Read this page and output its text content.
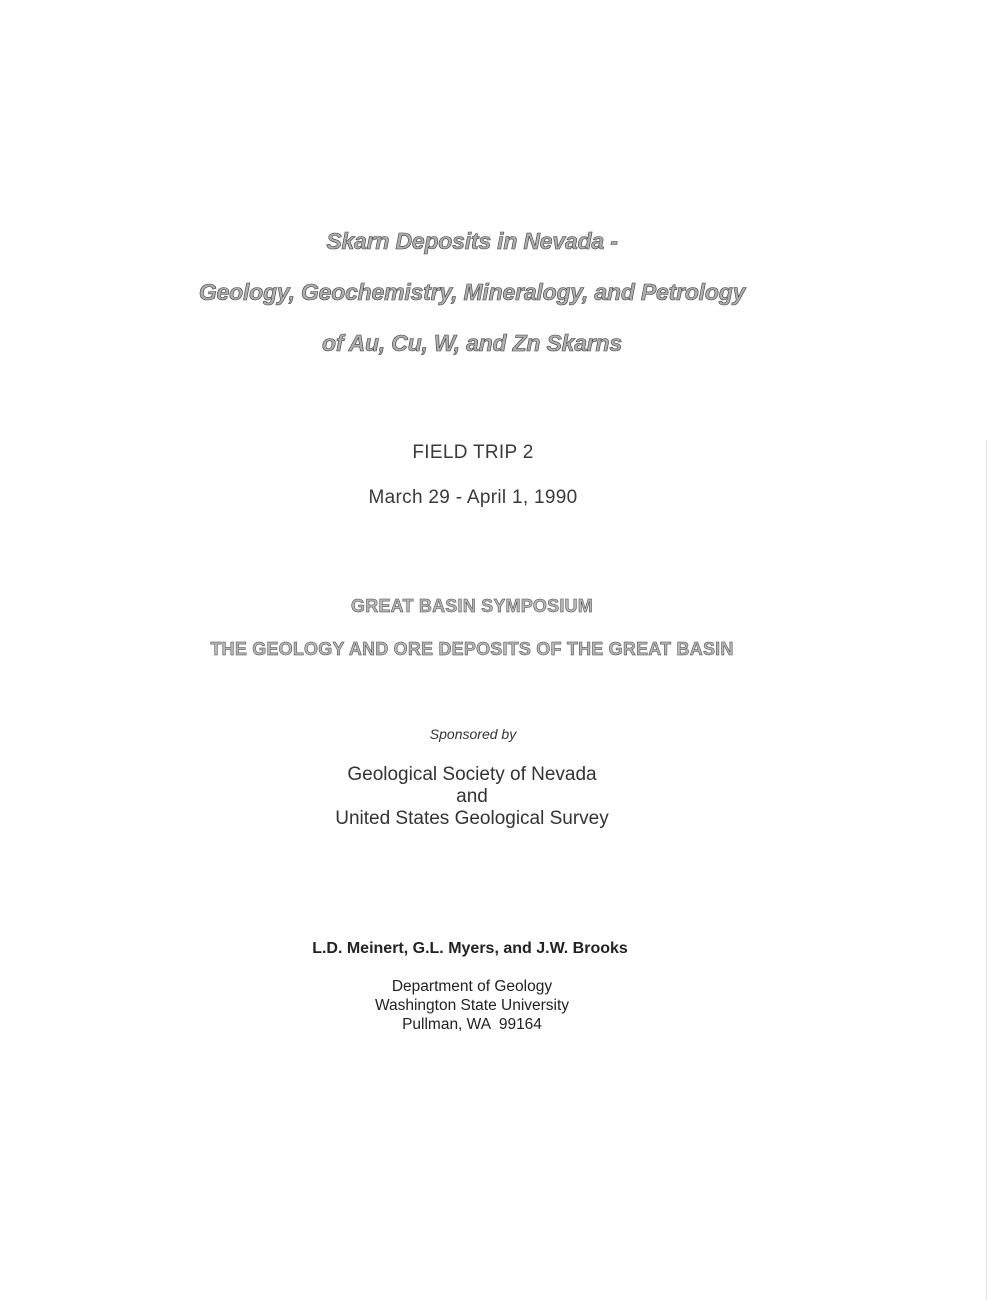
Skarn Deposits in Nevada -
Geology, Geochemistry, Mineralogy, and Petrology
of Au, Cu, W, and Zn Skarns
FIELD TRIP 2
March 29 - April 1, 1990
GREAT BASIN SYMPOSIUM
THE GEOLOGY AND ORE DEPOSITS OF THE GREAT BASIN
Sponsored by
Geological Society of Nevada
and
United States Geological Survey
L.D. Meinert, G.L. Myers, and J.W. Brooks
Department of Geology
Washington State University
Pullman, WA  99164
